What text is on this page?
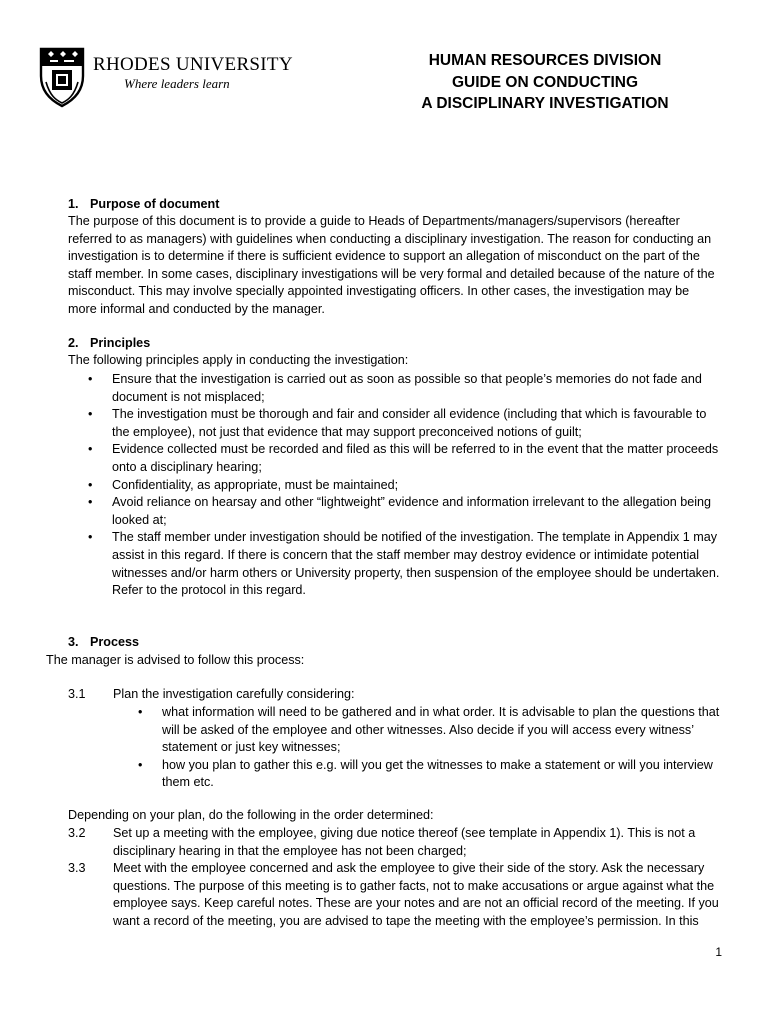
RHODES UNIVERSITY
Where leaders learn
HUMAN RESOURCES DIVISION
GUIDE ON CONDUCTING
A DISCIPLINARY INVESTIGATION
1. Purpose of document
The purpose of this document is to provide a guide to Heads of Departments/managers/supervisors (hereafter referred to as managers) with guidelines when conducting a disciplinary investigation. The reason for conducting an investigation is to determine if there is sufficient evidence to support an allegation of misconduct on the part of the staff member. In some cases, disciplinary investigations will be very formal and detailed because of the nature of the misconduct. This may involve specially appointed investigating officers. In other cases, the investigation may be more informal and conducted by the manager.
2. Principles
The following principles apply in conducting the investigation:
• Ensure that the investigation is carried out as soon as possible so that people’s memories do not fade and document is not misplaced;
• The investigation must be thorough and fair and consider all evidence (including that which is favourable to the employee), not just that evidence that may support preconceived notions of guilt;
• Evidence collected must be recorded and filed as this will be referred to in the event that the matter proceeds onto a disciplinary hearing;
• Confidentiality, as appropriate, must be maintained;
• Avoid reliance on hearsay and other “lightweight” evidence and information irrelevant to the allegation being looked at;
• The staff member under investigation should be notified of the investigation. The template in Appendix 1 may assist in this regard. If there is concern that the staff member may destroy evidence or intimidate potential witnesses and/or harm others or University property, then suspension of the employee should be undertaken. Refer to the protocol in this regard.
3. Process
The manager is advised to follow this process:
3.1 Plan the investigation carefully considering:
• what information will need to be gathered and in what order. It is advisable to plan the questions that will be asked of the employee and other witnesses. Also decide if you will access every witness’ statement or just key witnesses;
• how you plan to gather this e.g. will you get the witnesses to make a statement or will you interview them etc.
Depending on your plan, do the following in the order determined:
3.2 Set up a meeting with the employee, giving due notice thereof (see template in Appendix 1). This is not a disciplinary hearing in that the employee has not been charged;
3.3 Meet with the employee concerned and ask the employee to give their side of the story. Ask the necessary questions. The purpose of this meeting is to gather facts, not to make accusations or argue against what the employee says. Keep careful notes. These are your notes and are not an official record of the meeting. If you want a record of the meeting, you are advised to tape the meeting with the employee’s permission. In this
1
